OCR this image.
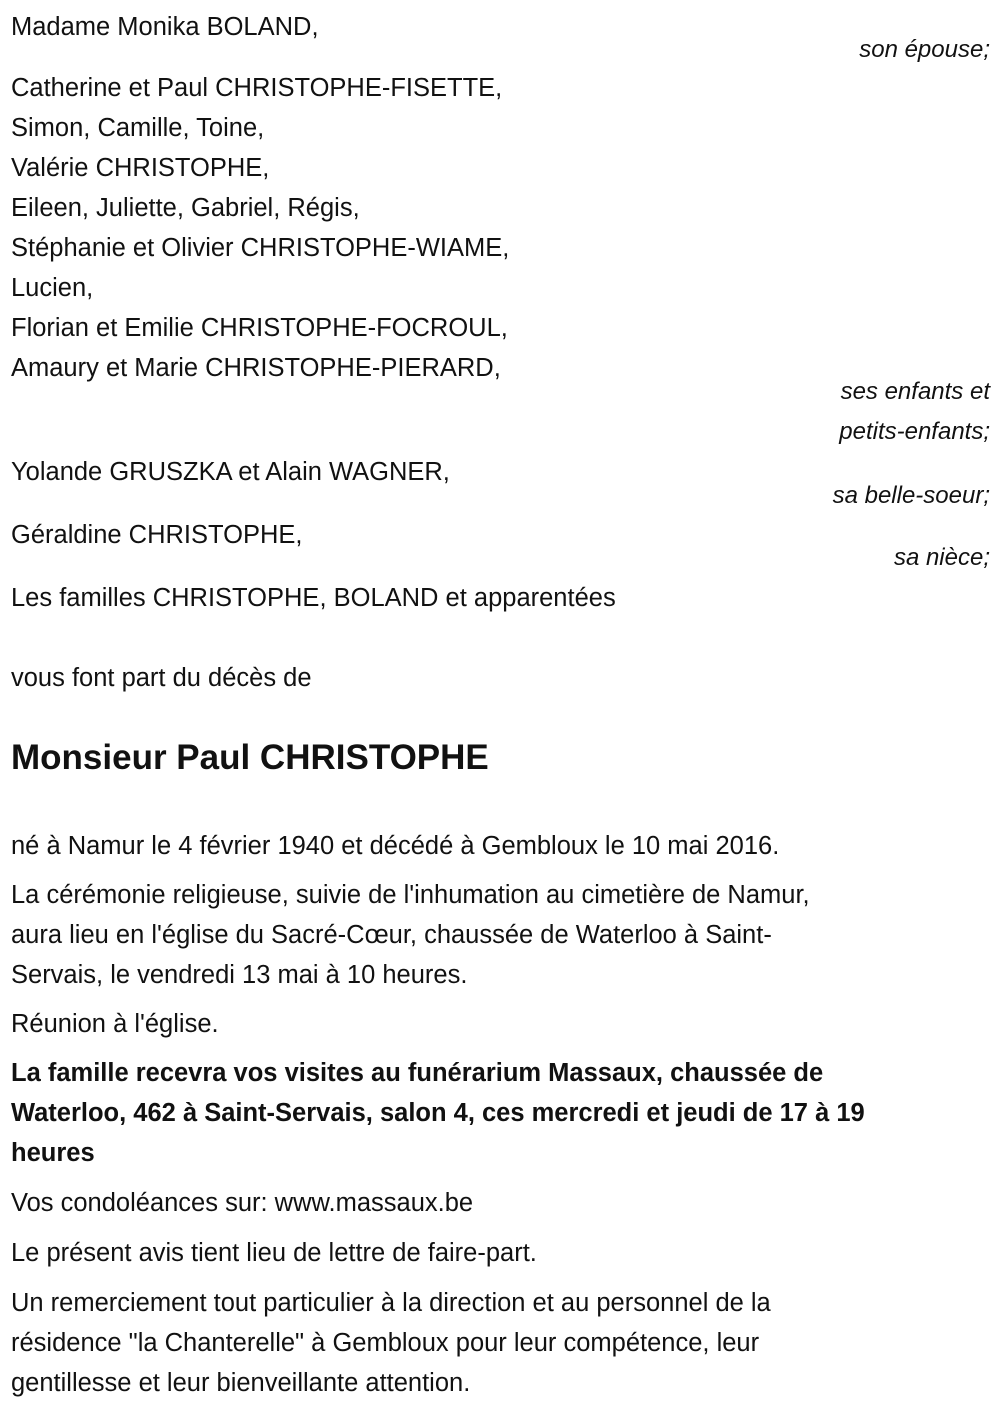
Madame Monika BOLAND,
son épouse;
Catherine et Paul CHRISTOPHE-FISETTE,
Simon, Camille, Toine,
Valérie CHRISTOPHE,
Eileen, Juliette, Gabriel, Régis,
Stéphanie et Olivier CHRISTOPHE-WIAME,
Lucien,
Florian et Emilie CHRISTOPHE-FOCROUL,
Amaury et Marie CHRISTOPHE-PIERARD,
ses enfants et
petits-enfants;
Yolande GRUSZKA et Alain WAGNER,
sa belle-soeur;
Géraldine CHRISTOPHE,
sa nièce;
Les familles CHRISTOPHE, BOLAND et apparentées
vous font part du décès de
Monsieur Paul CHRISTOPHE
né à Namur le 4 février 1940 et décédé à Gembloux le 10 mai 2016.
La cérémonie religieuse, suivie de l'inhumation au cimetière de Namur,
aura lieu en l'église du Sacré-Cœur, chaussée de Waterloo à Saint-
Servais, le vendredi 13 mai à 10 heures.
Réunion à l'église.
La famille recevra vos visites au funérarium Massaux, chaussée de
Waterloo, 462 à Saint-Servais, salon 4, ces mercredi et jeudi de 17 à 19
heures
Vos condoléances sur: www.massaux.be
Le présent avis tient lieu de lettre de faire-part.
Un remerciement tout particulier à la direction et au personnel de la
résidence "la Chanterelle" à Gembloux pour leur compétence, leur
gentillesse et leur bienveillante attention.
